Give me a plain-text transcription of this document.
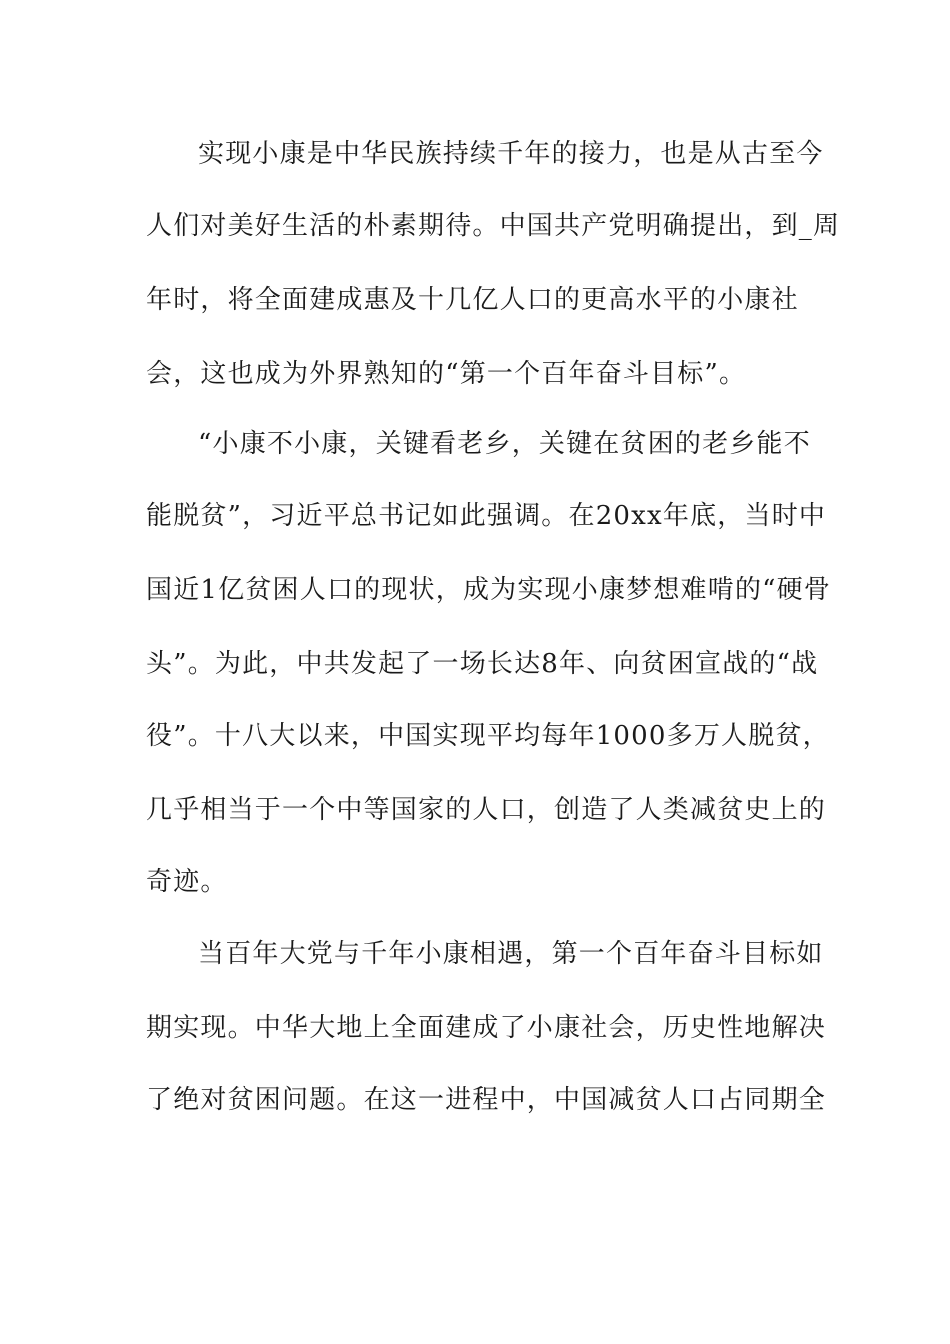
实现小康是中华民族持续千年的接力，也是从古至今
人们对美好生活的朴素期待。中国共产党明确提出，到_周
年时，将全面建成惠及十几亿人口的更高水平的小康社
会，这也成为外界熟知的“第一个百年奋斗目标”。
“小康不小康，关键看老乡，关键在贫困的老乡能不
能脱贫”，习近平总书记如此强调。在20xx年底，当时中
国近1亿贫困人口的现状，成为实现小康梦想难啃的“硬骨
头”。为此，中共发起了一场长达8年、向贫困宣战的“战
役”。十八大以来，中国实现平均每年1000多万人脱贫，
几乎相当于一个中等国家的人口，创造了人类减贫史上的
奇迹。
当百年大党与千年小康相遇，第一个百年奋斗目标如
期实现。中华大地上全面建成了小康社会，历史性地解决
了绝对贫困问题。在这一进程中，中国减贫人口占同期全
